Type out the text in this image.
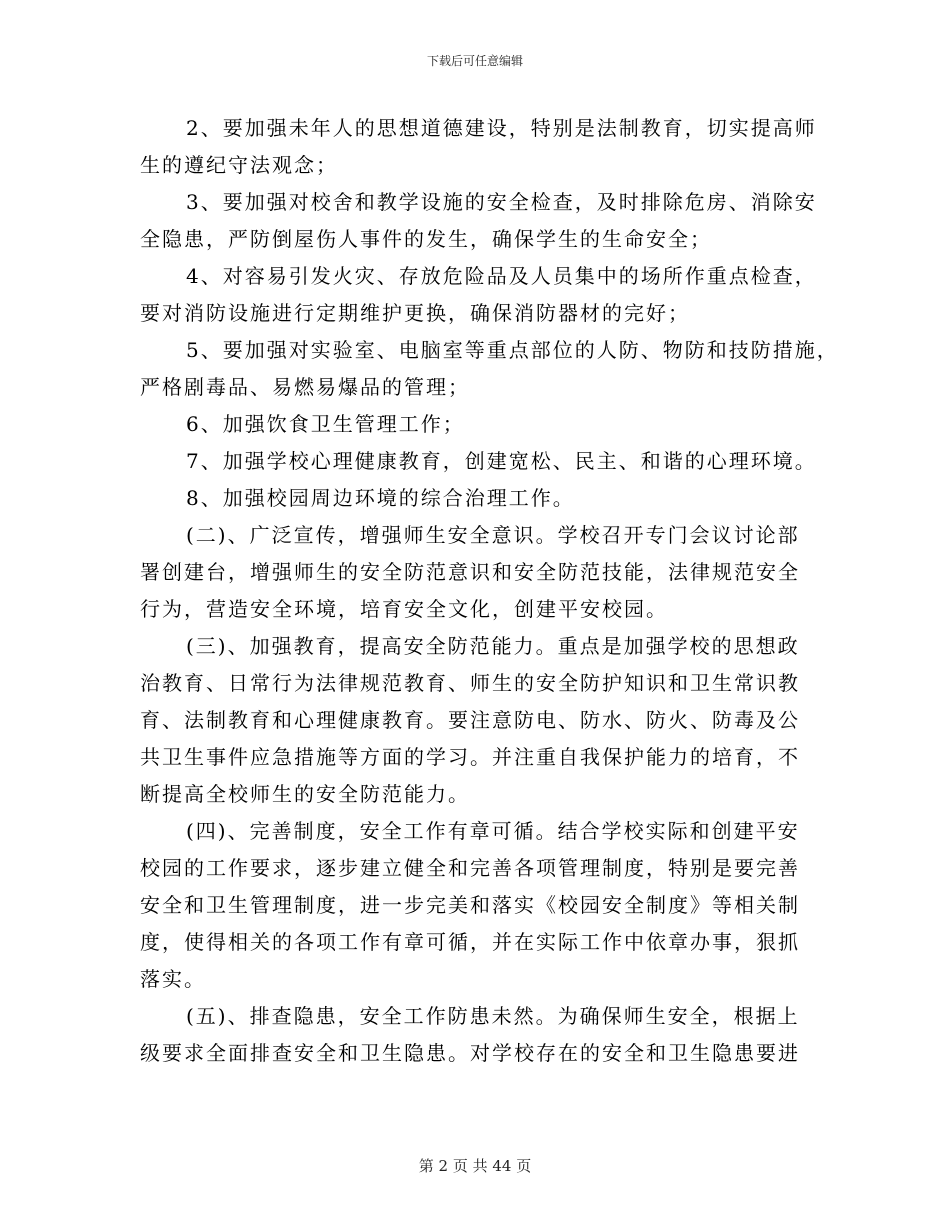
下载后可任意编辑
2、要加强未年人的思想道德建设，特别是法制教育，切实提高师
生的遵纪守法观念；
3、要加强对校舍和教学设施的安全检查，及时排除危房、消除安
全隐患，严防倒屋伤人事件的发生，确保学生的生命安全；
4、对容易引发火灾、存放危险品及人员集中的场所作重点检查，
要对消防设施进行定期维护更换，确保消防器材的完好；
5、要加强对实验室、电脑室等重点部位的人防、物防和技防措施，
严格剧毒品、易燃易爆品的管理；
6、加强饮食卫生管理工作；
7、加强学校心理健康教育，创建宽松、民主、和谐的心理环境。
8、加强校园周边环境的综合治理工作。
(二)、广泛宣传，增强师生安全意识。学校召开专门会议讨论部
署创建台，增强师生的安全防范意识和安全防范技能，法律规范安全
行为，营造安全环境，培育安全文化，创建平安校园。
(三)、加强教育，提高安全防范能力。重点是加强学校的思想政
治教育、日常行为法律规范教育、师生的安全防护知识和卫生常识教
育、法制教育和心理健康教育。要注意防电、防水、防火、防毒及公
共卫生事件应急措施等方面的学习。并注重自我保护能力的培育，不
断提高全校师生的安全防范能力。
(四)、完善制度，安全工作有章可循。结合学校实际和创建平安
校园的工作要求，逐步建立健全和完善各项管理制度，特别是要完善
安全和卫生管理制度，进一步完美和落实《校园安全制度》等相关制
度，使得相关的各项工作有章可循，并在实际工作中依章办事，狠抓
落实。
(五)、排查隐患，安全工作防患未然。为确保师生安全，根据上
级要求全面排查安全和卫生隐患。对学校存在的安全和卫生隐患要进
第 2 页 共 44 页
